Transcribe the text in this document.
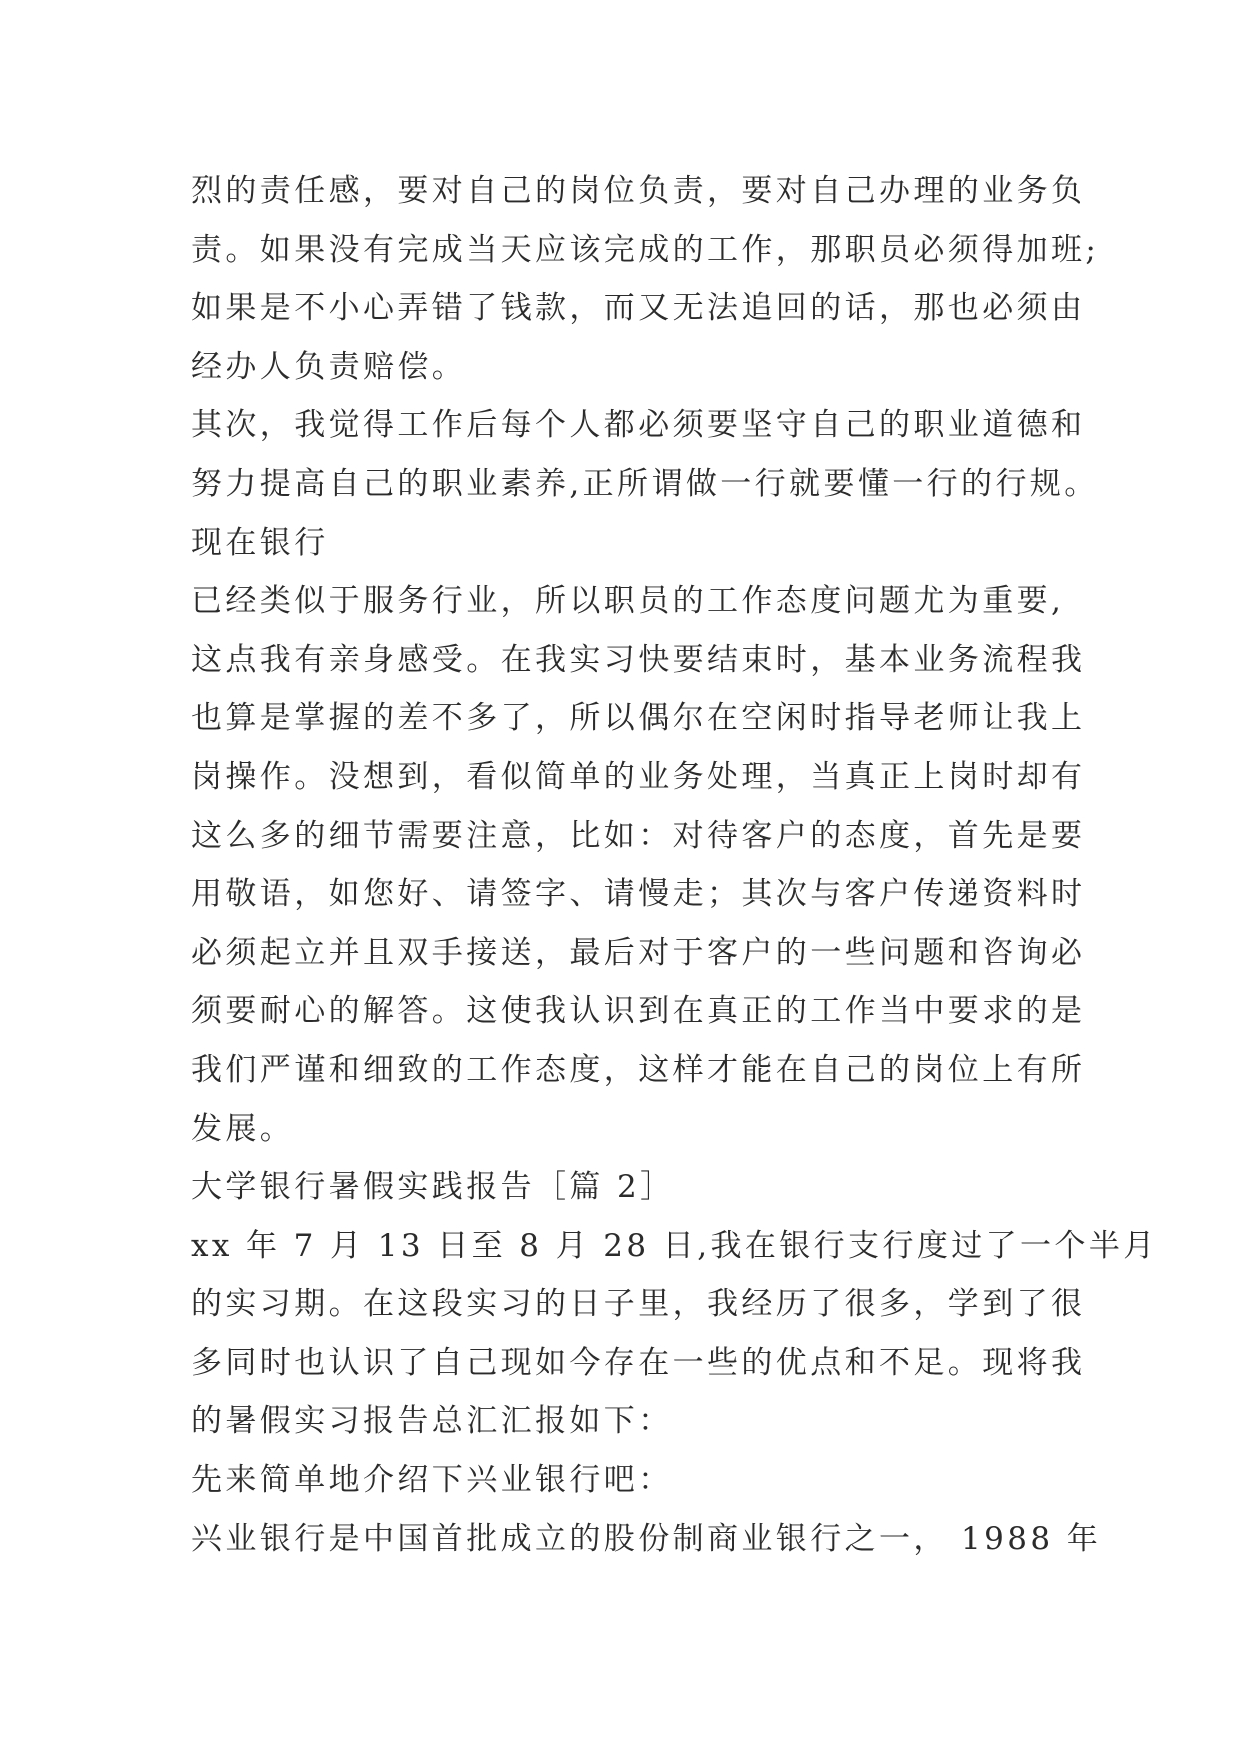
烈的责任感，要对自己的岗位负责，要对自己办理的业务负
责。如果没有完成当天应该完成的工作，那职员必须得加班;
如果是不小心弄错了钱款，而又无法追回的话，那也必须由
经办人负责赔偿。
其次，我觉得工作后每个人都必须要坚守自己的职业道德和
努力提高自己的职业素养,正所谓做一行就要懂一行的行规。
现在银行
已经类似于服务行业，所以职员的工作态度问题尤为重要,
这点我有亲身感受。在我实习快要结束时，基本业务流程我
也算是掌握的差不多了，所以偶尔在空闲时指导老师让我上
岗操作。没想到，看似简单的业务处理，当真正上岗时却有
这么多的细节需要注意，比如：对待客户的态度，首先是要
用敬语，如您好、请签字、请慢走；其次与客户传递资料时
必须起立并且双手接送，最后对于客户的一些问题和咨询必
须要耐心的解答。这使我认识到在真正的工作当中要求的是
我们严谨和细致的工作态度，这样才能在自己的岗位上有所
发展。
大学银行暑假实践报告［篇 2］
xx 年 7 月 13 日至 8 月 28 日,我在银行支行度过了一个半月
的实习期。在这段实习的日子里，我经历了很多，学到了很
多同时也认识了自己现如今存在一些的优点和不足。现将我
的暑假实习报告总汇汇报如下：
先来简单地介绍下兴业银行吧：
兴业银行是中国首批成立的股份制商业银行之一， 1988 年
